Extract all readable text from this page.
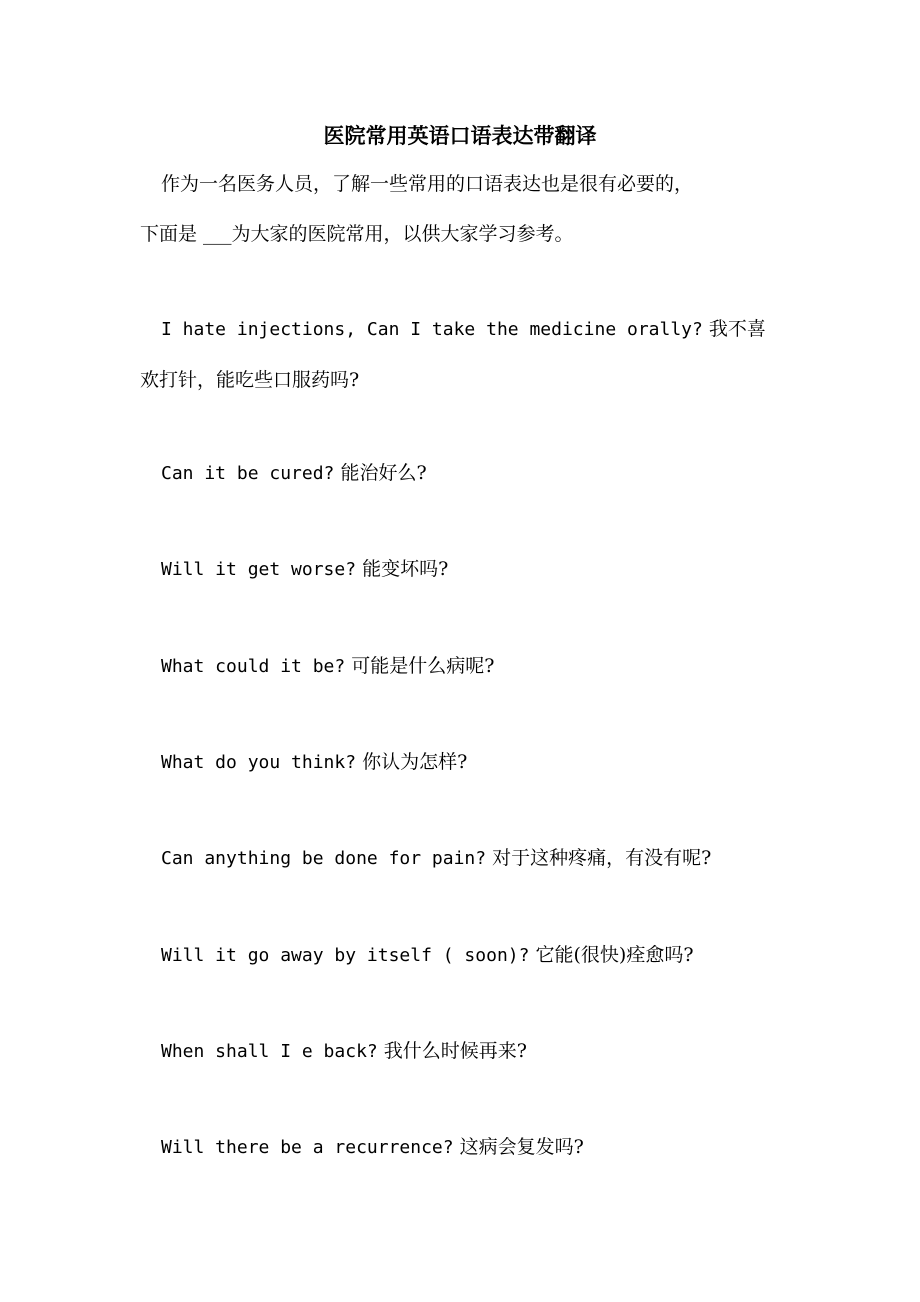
医院常用英语口语表达带翻译
作为一名医务人员，了解一些常用的口语表达也是很有必要的，
下面是 ___为大家的医院常用，以供大家学习参考。
I hate injections, Can I take the medicine orally? 我不喜
欢打针，能吃些口服药吗?
Can it be cured? 能治好么?
Will it get worse? 能变坏吗?
What could it be? 可能是什么病呢?
What do you think? 你认为怎样?
Can anything be done for pain? 对于这种疼痛，有没有呢?
Will it go away by itself ( soon)? 它能(很快)痊愈吗?
When shall I e back? 我什么时候再来?
Will there be a recurrence? 这病会复发吗?
